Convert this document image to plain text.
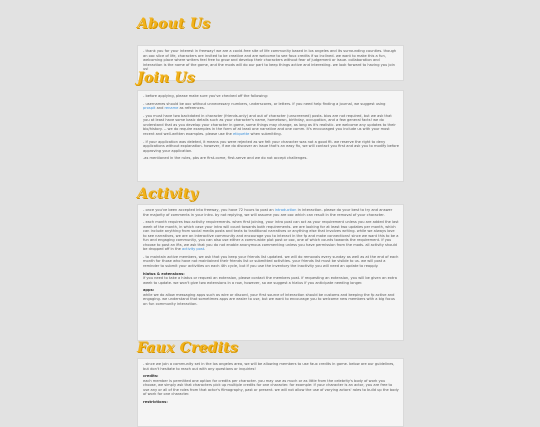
About Us

- thank you for your interest in freeway! we are a covid-free site of life community based in los angeles and its surrounding counties. though an ooc slice of life, characters are invited to be creative and are welcome to see faux credits if so inclined. we want to make this a fun, welcoming place where writers feel free to grow and develop their characters without fear of judgement or issue. collaboration and interaction is the name of the game, and the mods will do our part to keep things active and interesting. we look forward to having you join us!

Join Us

- before applying, please make sure you've checked off the following:

- usernames should be ooc without unnecessary numbers, underscores, or letters. if you need help finding a journal, we suggest using prospit and rename as references.

- you must have two backdated in character (friends-only) and out of character (unscreened) posts. bios are not required, but we ask that you at least have some basic details such as your character's name, hometown, birthday, occupation, and a few general facts! we do understand that as you develop your character in game, some things may change, as long as it's realistic. we welcome any updates to their bio/history. -- we do require examples in the form of at least one narrative and one comm. it's encouraged you include us with your most recent and well-written examples. please use the etiquette when submitting.

- if your application was deleted, it means you were rejected as we felt your character was not a good fit. we reserve the right to deny applications without explanation. however, if we do discover an issue that's an easy fix, we will contact you first and ask you to modify before approving your application.

-as mentioned in the rules, pbs are first-come, first-serve and we do not accept challenges.

Activity

- once you've been accepted into freeway, you have 72 hours to post an introduction in interaction. please do your best to try and answer the majority of comments in your intro. by not replying, we will assume you are ooc which can result in the removal of your character.

- each month requires two activity requirements. when first joining, your intro post can act as your requirement unless you are added the last week of the month, in which case your intro will count towards both requirements. we are looking for at least two updates per month, which can include anything from social media posts and texts to traditional narratives or anything else that involves writing. while we always love to see narratives, we are an interactive community and encourage you to interact in the fp and make connections! since we want this to be a fun and engaging community, you can also use either a comm-wide plot post or ooc, one of which counts towards the requirement. if you choose to post an ifts, we ask that you do not enable anonymous commenting unless you have permission from the mods. all activity should be dropped off in the activity post.

- to maintain active members, we ask that you keep your friends list updated. we will do removals every sunday as well as at the end of each month for those who have not maintained their friends list or submitted activities. your friends list must be visible to us. we will post a reminder to submit your activities on each 4th cycle, but if you use the inventory the inactivity you will need an update to reapply.

hiatus & extensions:
if you need to take a hiatus or request an extension, please contact the members post. if requesting an extension, you will be given an extra week to update. we won't give two extensions in a row, however, so we suggest a hiatus if you anticipate needing longer.

apps:
while we do allow messaging apps such as wire or discord, your first source of interaction should be customs and keeping the fp active and engaging. we understand that sometimes apps are easier to use, but we want to encourage you to welcome new members with a big focus on fun community interaction.

Faux Credits

- since we join a community set in the los angeles area, we will be allowing members to use faux credits in game. below are our guidelines, but don't hesitate to reach out with any questions or inquiries!

credits:
each member is permitted one option for credits per character. you may use as much or as little from the celebrity's body of work you choose, we simply ask that characters pick up multiple credits for one character. for example: if your character is an actor, you are free to use any or all of the roles from that actor's filmography, past or present. we will not allow the use of varying actors' roles to build up the body of work for one character.

restrictions:
